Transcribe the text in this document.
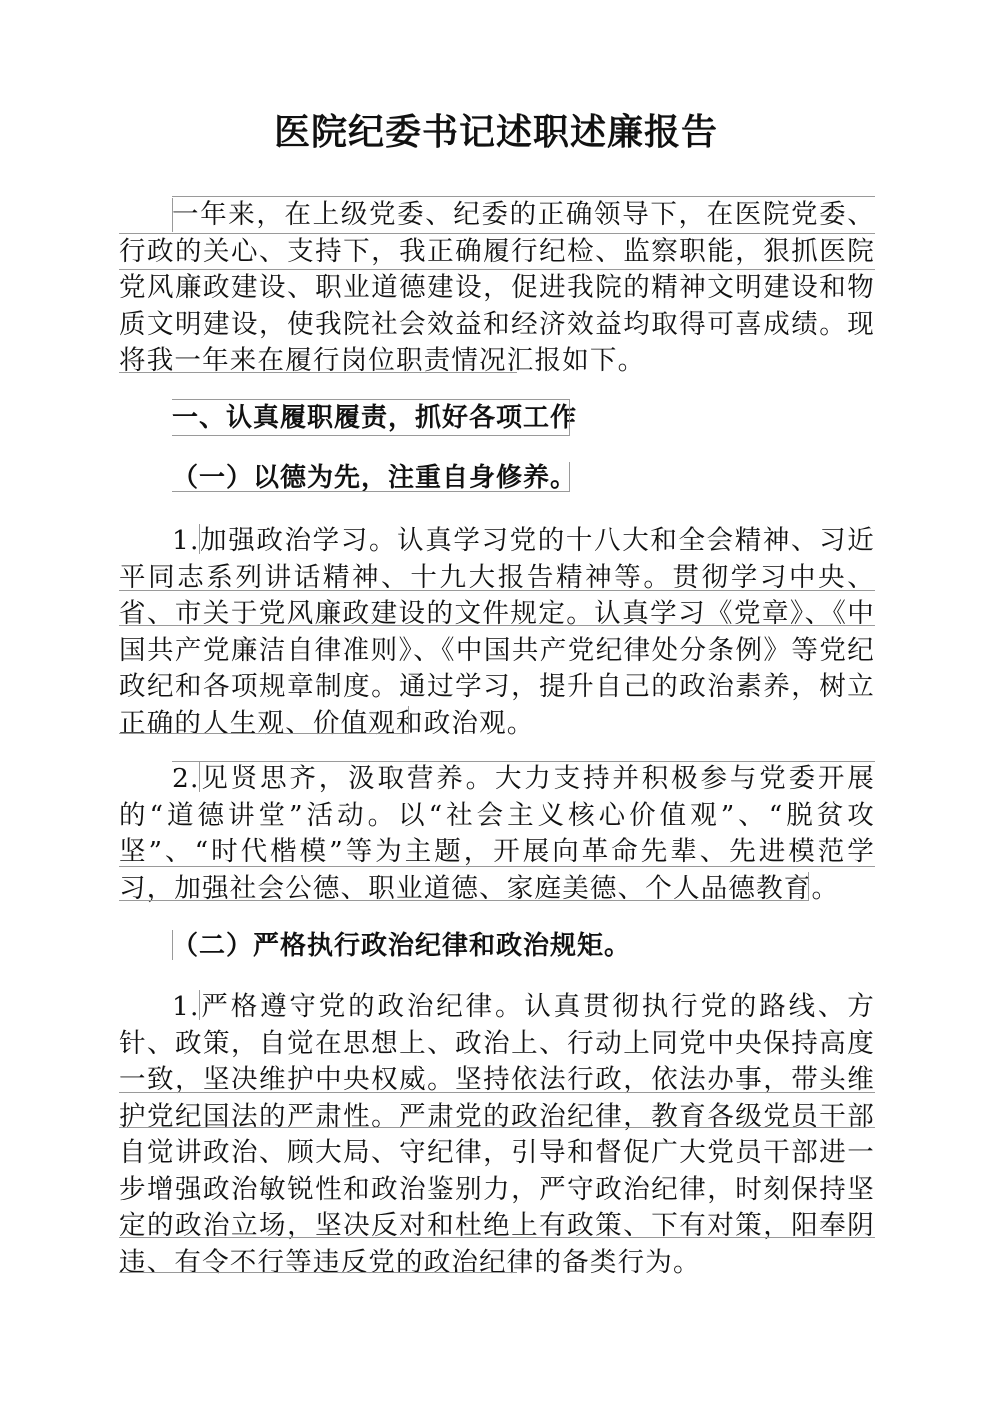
医院纪委书记述职述廉报告

一年来，在上级党委、纪委的正确领导下，在医院党委、行政的关心、支持下，我正确履行纪检、监察职能，狠抓医院党风廉政建设、职业道德建设，促进我院的精神文明建设和物质文明建设，使我院社会效益和经济效益均取得可喜成绩。现将我一年来在履行岗位职责情况汇报如下。

一、认真履职履责，抓好各项工作
（一）以德为先，注重自身修养。

1.加强政治学习。认真学习党的十八大和全会精神、习近平同志系列讲话精神、十九大报告精神等。贯彻学习中央、省、市关于党风廉政建设的文件规定。认真学习《党章》、《中国共产党廉洁自律准则》、《中国共产党纪律处分条例》等党纪政纪和各项规章制度。通过学习，提升自己的政治素养，树立正确的人生观、价值观和政治观。

2.见贤思齐，汲取营养。大力支持并积极参与党委开展的“道德讲堂”活动。以“社会主义核心价值观”、“脱贫攻坚”、“时代楷模”等为主题，开展向革命先辈、先进模范学习，加强社会公德、职业道德、家庭美德、个人品德教育。

（二）严格执行政治纪律和政治规矩。

1.严格遵守党的政治纪律。认真贯彻执行党的路线、方针、政策，自觉在思想上、政治上、行动上同党中央保持高度一致，坚决维护中央权威。坚持依法行政，依法办事，带头维护党纪国法的严肃性。严肃党的政治纪律，教育各级党员干部自觉讲政治、顾大局、守纪律，引导和督促广大党员干部进一步增强政治敏锐性和政治鉴别力，严守政治纪律，时刻保持坚定的政治立场，坚决反对和杜绝上有政策、下有对策，阳奉阴违、有令不行等违反党的政治纪律的备类行为。
